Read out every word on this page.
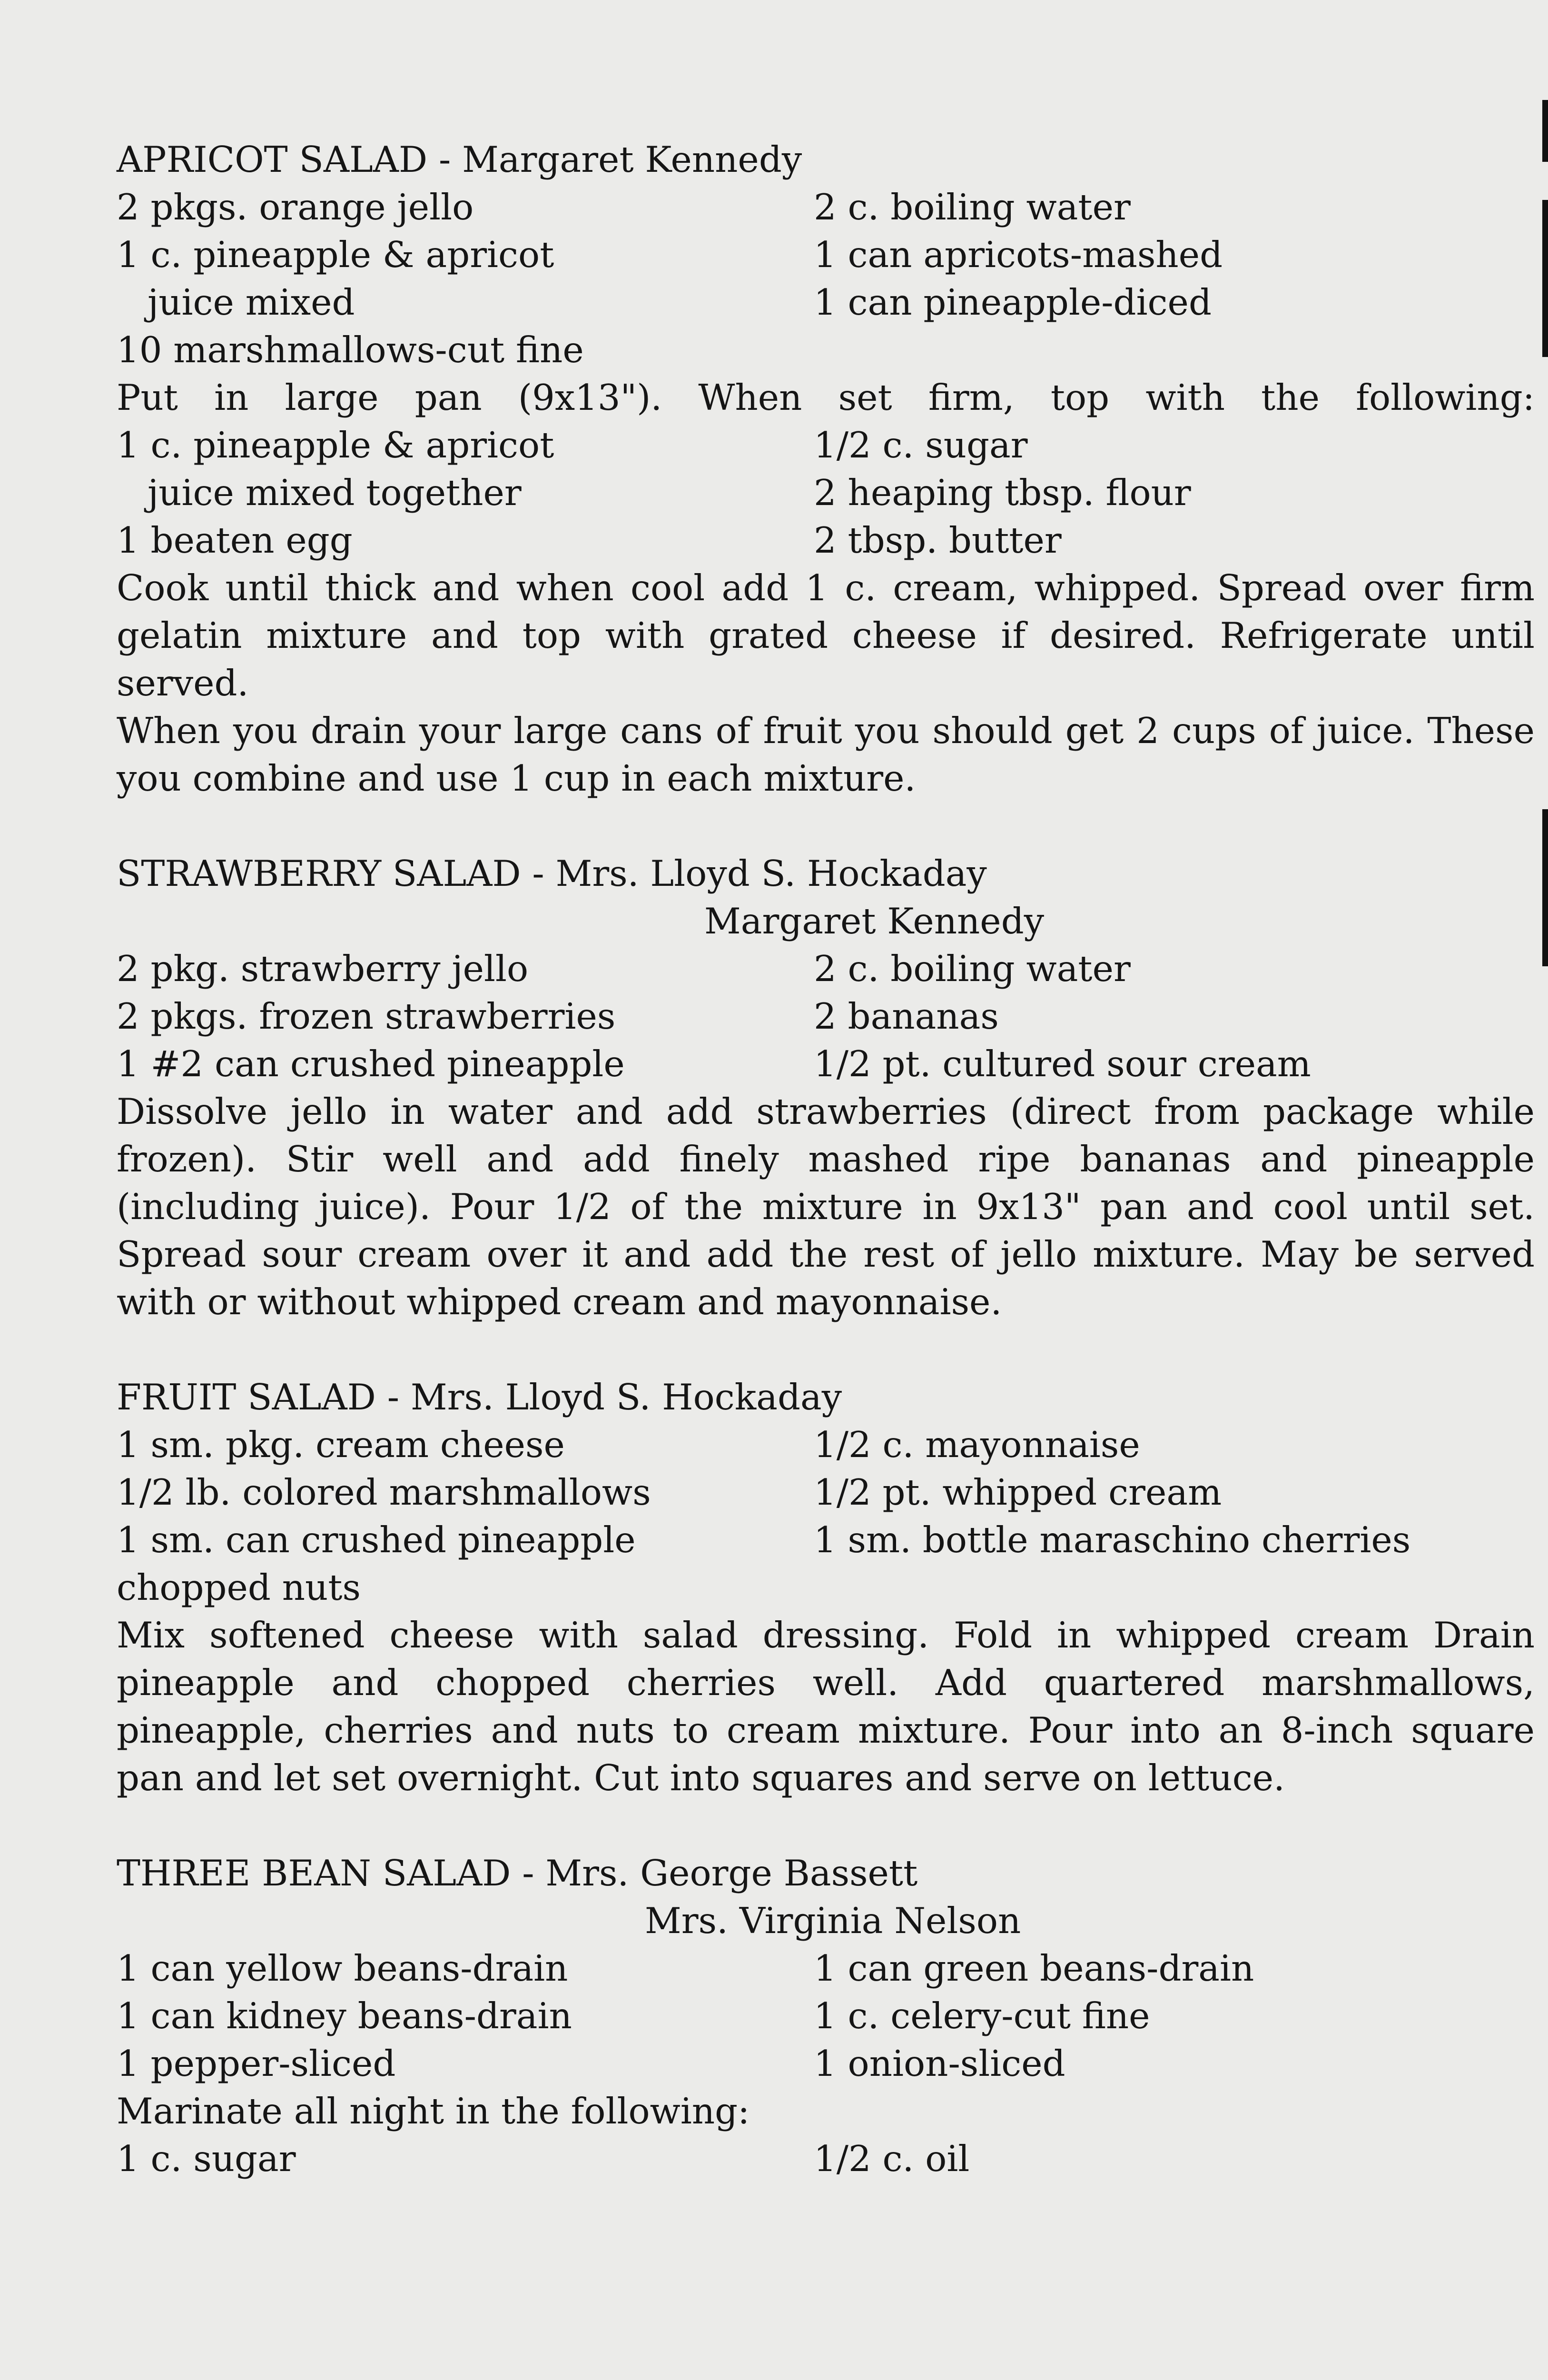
APRICOT SALAD - Margaret Kennedy
2 pkgs. orange jello	2 c. boiling water
1 c. pineapple & apricot	1 can apricots-mashed
juice mixed	1 can pineapple-diced
10 marshmallows-cut fine
Put in large pan (9x13"). When set firm, top with the following:
1 c. pineapple & apricot	1/2 c. sugar
juice mixed together	2 heaping tbsp. flour
1 beaten egg	2 tbsp. butter
Cook until thick and when cool add 1 c. cream, whipped. Spread over firm gelatin mixture and top with grated cheese if desired. Refrigerate until served.
When you drain your large cans of fruit you should get 2 cups of juice. These you combine and use 1 cup in each mixture.
STRAWBERRY SALAD - Mrs. Lloyd S. Hockaday
Margaret Kennedy
2 pkg. strawberry jello	2 c. boiling water
2 pkgs. frozen strawberries	2 bananas
1 #2 can crushed pineapple	1/2 pt. cultured sour cream
Dissolve jello in water and add strawberries (direct from package while frozen). Stir well and add finely mashed ripe bananas and pineapple (including juice). Pour 1/2 of the mixture in 9x13" pan and cool until set. Spread sour cream over it and add the rest of jello mixture. May be served with or without whipped cream and mayonnaise.
FRUIT SALAD - Mrs. Lloyd S. Hockaday
1 sm. pkg. cream cheese	1/2 c. mayonnaise
1/2 lb. colored marshmallows	1/2 pt. whipped cream
1 sm. can crushed pineapple	1 sm. bottle maraschino cherries
chopped nuts
Mix softened cheese with salad dressing. Fold in whipped cream Drain pineapple and chopped cherries well. Add quartered marshmallows, pineapple, cherries and nuts to cream mixture. Pour into an 8-inch square pan and let set overnight. Cut into squares and serve on lettuce.
THREE BEAN SALAD - Mrs. George Bassett
Mrs. Virginia Nelson
1 can yellow beans-drain	1 can green beans-drain
1 can kidney beans-drain	1 c. celery-cut fine
1 pepper-sliced	1 onion-sliced
Marinate all night in the following:
1 c. sugar	1/2 c. oil
